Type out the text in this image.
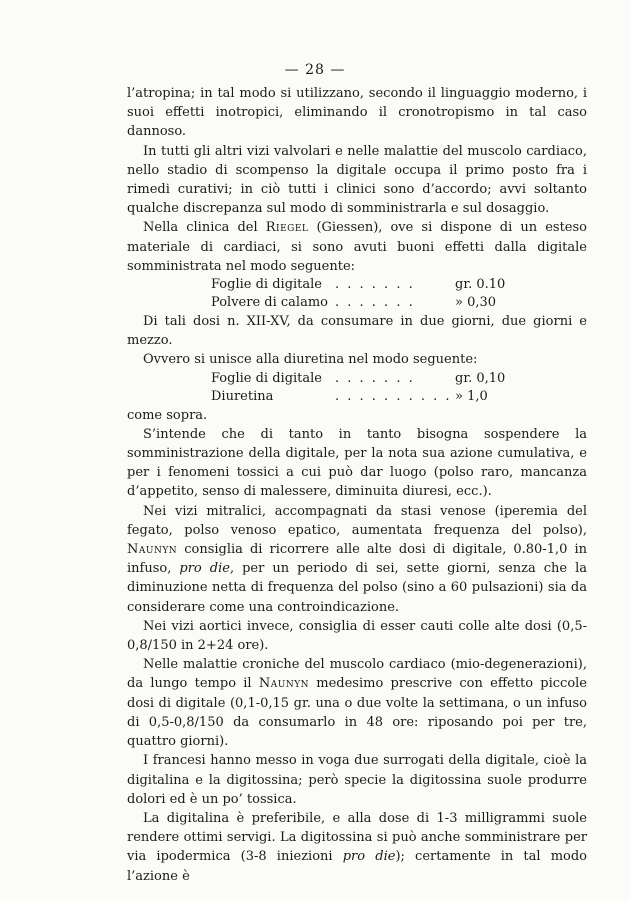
— 28 —

l’atropina; in tal modo si utilizzano, secondo il linguaggio moderno, i suoi effetti inotropici, eliminando il cronotropismo in tal caso dannoso.

In tutti gli altri vizi valvolari e nelle malattie del muscolo cardiaco, nello stadio di scompenso la digitale occupa il primo posto fra i rimedi curativi; in ciò tutti i clinici sono d’accordo; avvi soltanto qualche discrepanza sul modo di somministrarla e sul dosaggio.

Nella clinica del Riegel (Giessen), ove si dispone di un esteso materiale di cardiaci, si sono avuti buoni effetti dalla digitale somministrata nel modo seguente:

Foglie di digitale . . . . . . .	gr. 0.10
Polvere di calamo . . . . . . .	» 0,30

Di tali dosi n. XII-XV, da consumare in due giorni, due giorni e mezzo.

Ovvero si unisce alla diuretina nel modo seguente:

Foglie di digitale . . . . . . .	gr. 0,10
Diuretina	. . . . . . . . . . » 1,0

come sopra.

S’intende che di tanto in tanto bisogna sospendere la somministrazione della digitale, per la nota sua azione cumulativa, e per i fenomeni tossici a cui può dar luogo (polso raro, mancanza d’appetito, senso di malessere, diminuita diuresi, ecc.).

Nei vizi mitralici, accompagnati da stasi venose (iperemia del fegato, polso venoso epatico, aumentata frequenza del polso), Naunyn consiglia di ricorrere alle alte dosi di digitale, 0.80-1,0 in infuso, pro die, per un periodo di sei, sette giorni, senza che la diminuzione netta di frequenza del polso (sino a 60 pulsazioni) sia da considerare come una controindicazione.

Nei vizi aortici invece, consiglia di esser cauti colle alte dosi (0,5-0,8/150 in 2+24 ore).

Nelle malattie croniche del muscolo cardiaco (mio-degenerazioni), da lungo tempo il Naunyn medesimo prescrive con effetto piccole dosi di digitale (0,1-0,15 gr. una o due volte la settimana, o un infuso di 0,5-0,8/150 da consumarlo in 48 ore: riposando poi per tre, quattro giorni).

I francesi hanno messo in voga due surrogati della digitale, cioè la digitalina e la digitossina; però specie la digitossina suole produrre dolori ed è un po’ tossica.

La digitalina è preferibile, e alla dose di 1-3 milligrammi suole rendere ottimi servigi. La digitossina si può anche somministrare per via ipodermica (3-8 iniezioni pro die); certamente in tal modo l’azione è
